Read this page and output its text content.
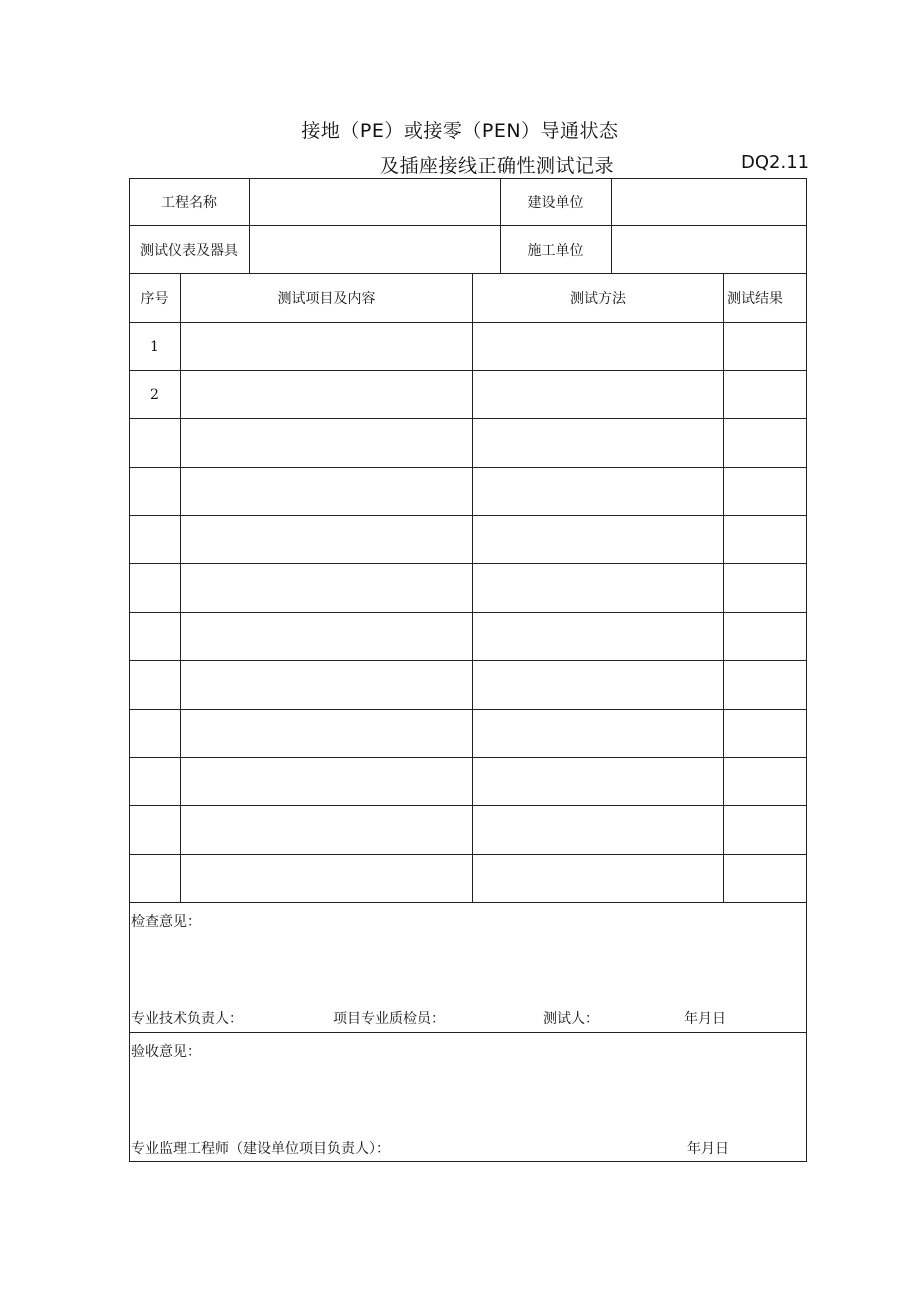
接地（PE）或接零（PEN）导通状态
及插座接线正确性测试记录	DQ2.11
工程名称	建设单位
测试仪表及器具	施工单位
序号	测试项目及内容	测试方法	测试结果
1
2
检查意见：
专业技术负责人：	项目专业质检员：	测试人：	年月日
验收意见：
专业监理工程师（建设单位项目负责人）：	年月日
